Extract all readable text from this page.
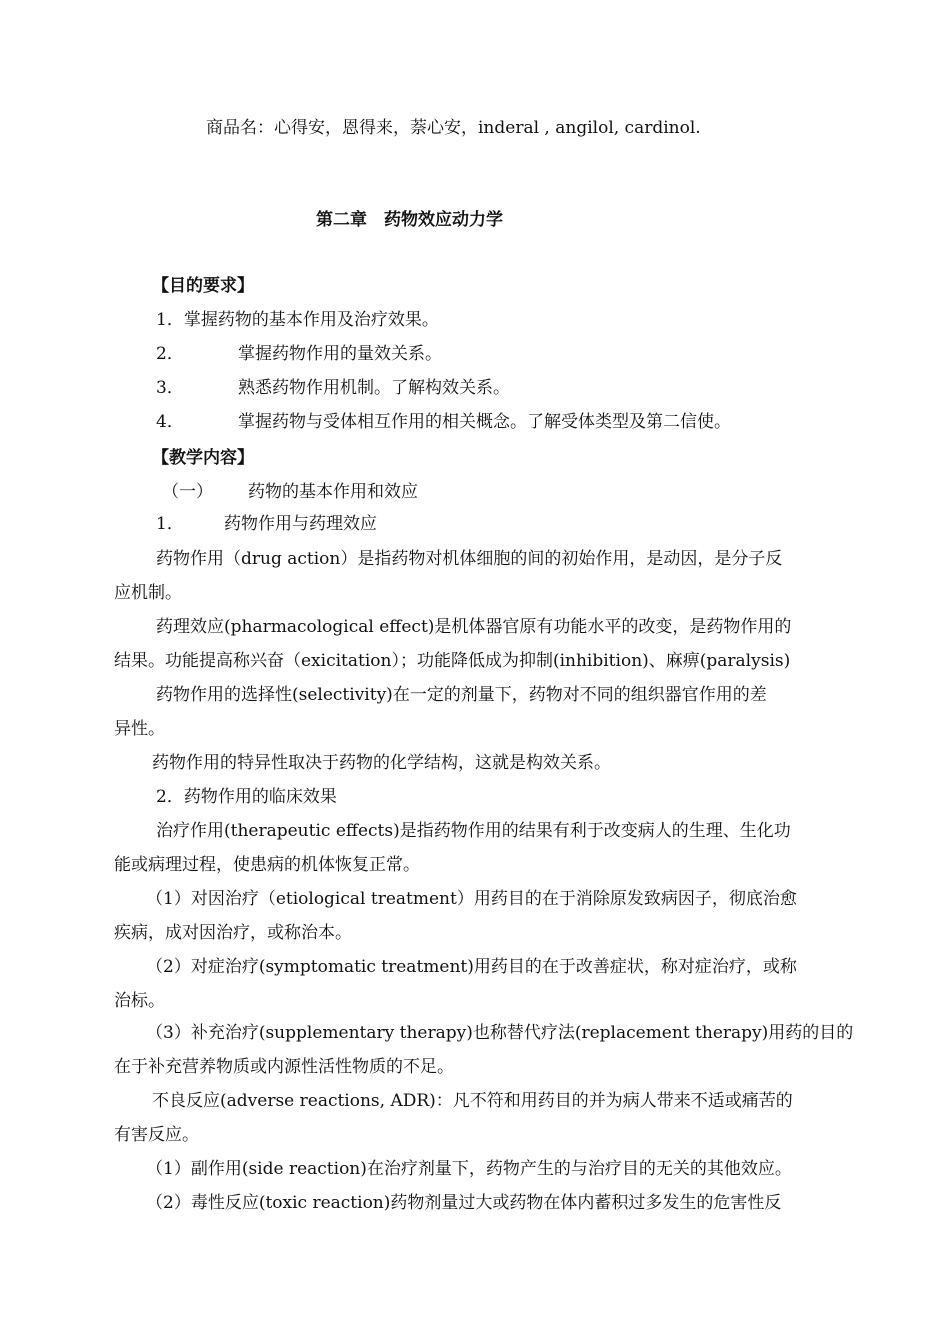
商品名：心得安，恩得来，萘心安，inderal , angilol, cardinol.
第二章　药物效应动力学
【目的要求】
1．掌握药物的基本作用及治疗效果。
2．	掌握药物作用的量效关系。
3．	熟悉药物作用机制。了解构效关系。
4．	掌握药物与受体相互作用的相关概念。了解受体类型及第二信使。
【教学内容】
（一） 药物的基本作用和效应
1． 药物作用与药理效应
药物作用（drug action）是指药物对机体细胞的间的初始作用，是动因，是分子反
应机制。
药理效应(pharmacological effect)是机体器官原有功能水平的改变，是药物作用的
结果。功能提高称兴奋（exicitation）；功能降低成为抑制(inhibition)、麻痹(paralysis)
药物作用的选择性(selectivity)在一定的剂量下，药物对不同的组织器官作用的差
异性。
药物作用的特异性取决于药物的化学结构，这就是构效关系。
2．药物作用的临床效果
治疗作用(therapeutic effects)是指药物作用的结果有利于改变病人的生理、生化功
能或病理过程，使患病的机体恢复正常。
（1）对因治疗（etiological treatment）用药目的在于消除原发致病因子，彻底治愈
疾病，成对因治疗，或称治本。
（2）对症治疗(symptomatic treatment)用药目的在于改善症状，称对症治疗，或称
治标。
（3）补充治疗(supplementary therapy)也称替代疗法(replacement therapy)用药的目的
在于补充营养物质或内源性活性物质的不足。
不良反应(adverse reactions, ADR)：凡不符和用药目的并为病人带来不适或痛苦的
有害反应。
（1）副作用(side reaction)在治疗剂量下，药物产生的与治疗目的无关的其他效应。
（2）毒性反应(toxic reaction)药物剂量过大或药物在体内蓄积过多发生的危害性反
